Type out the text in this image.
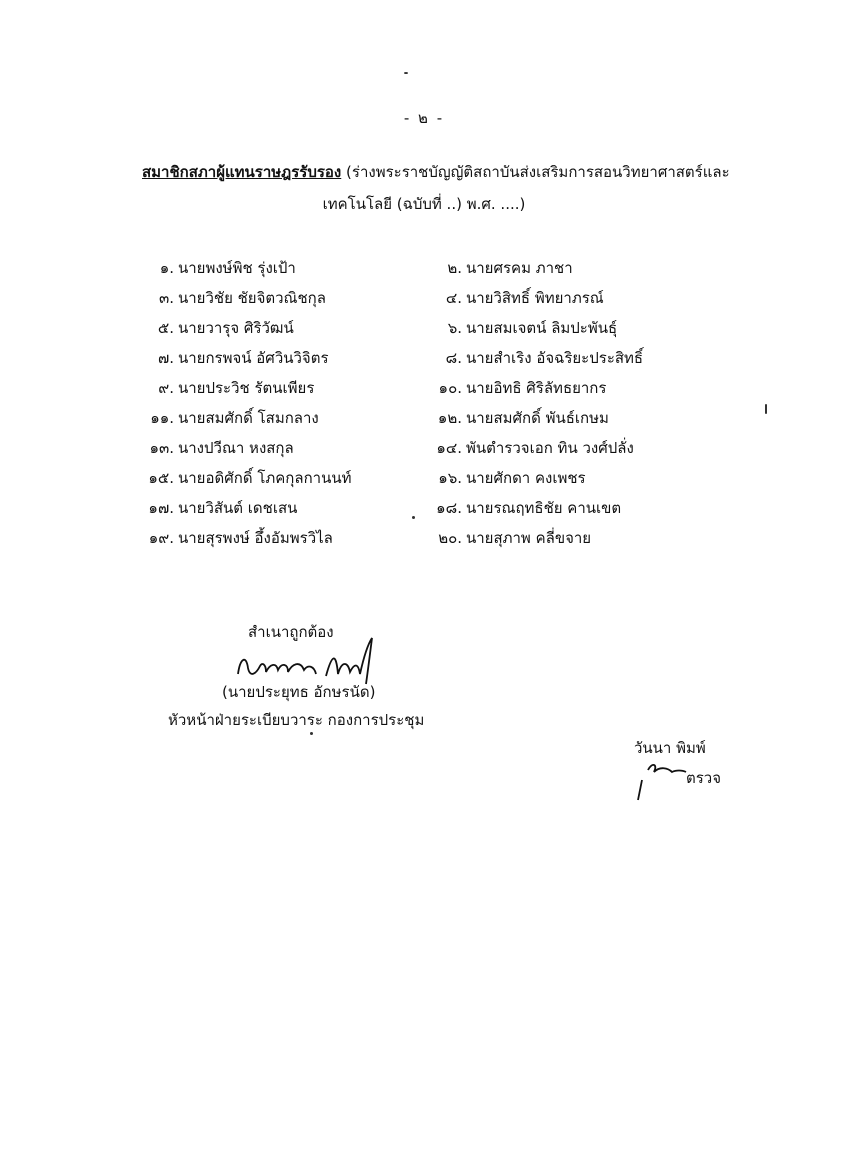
- ๒ -
สมาชิกสภาผู้แทนราษฎรรับรอง (ร่างพระราชบัญญัติสถาบันส่งเสริมการสอนวิทยาศาสตร์และ
เทคโนโลยี (ฉบับที่ ..) พ.ศ. ....)
๑. นายพงษ์พิช รุ่งเป้า	๒. นายศรคม ภาชา
๓. นายวิชัย ชัยจิตวณิชกุล	๔. นายวิสิทธิ์ พิทยาภรณ์
๕. นายวารุจ ศิริวัฒน์	๖. นายสมเจตน์ ลิมปะพันธุ์
๗. นายกรพจน์ อัศวินวิจิตร	๘. นายสำเริง อัจฉริยะประสิทธิ์
๙. นายประวิช รัตนเพียร	๑๐. นายอิทธิ ศิริลัทธยากร
๑๑. นายสมศักดิ์ โสมกลาง	๑๒. นายสมศักดิ์ พันธ์เกษม
๑๓. นางปวีณา หงสกุล	๑๔. พันตำรวจเอก ทิน วงศ์ปลั่ง
๑๕. นายอดิศักดิ์ โภคกุลกานนท์	๑๖. นายศักดา คงเพชร
๑๗. นายวิสันต์ เดชเสน	๑๘. นายรณฤทธิชัย คานเขต
๑๙. นายสุรพงษ์ อึ้งอัมพรวิไล	๒๐. นายสุภาพ คลี่ขจาย
สำเนาถูกต้อง
(นายประยุทธ อักษรนัด)
หัวหน้าฝ่ายระเบียบวาระ กองการประชุม
วันนา พิมพ์
ตรวจ
